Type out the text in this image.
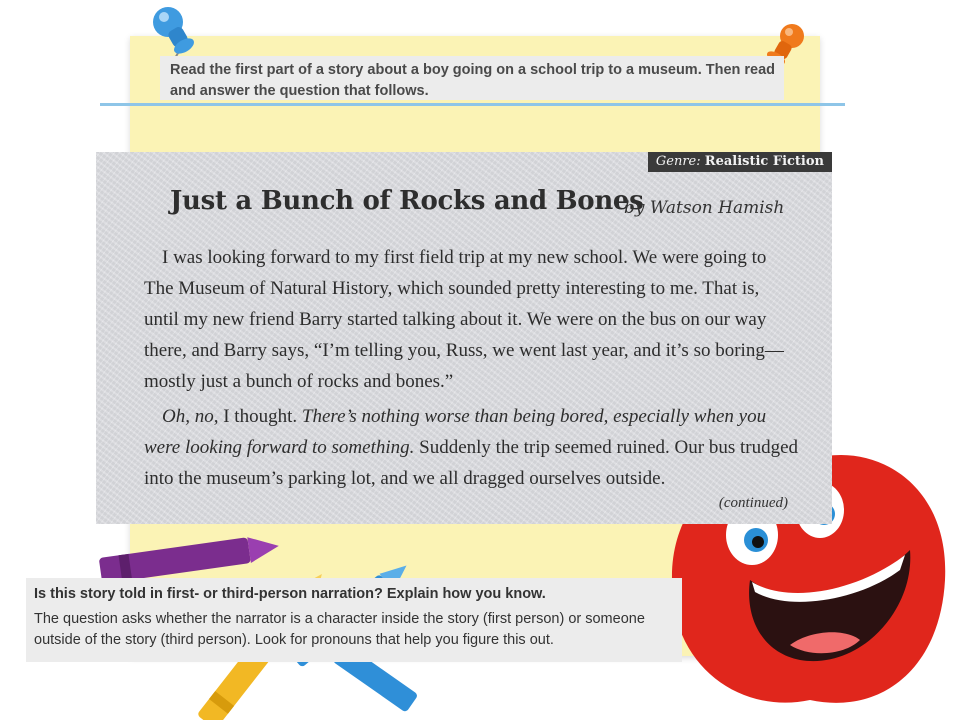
Read the first part of a story about a boy going on a school trip to a museum. Then read and answer the question that follows.
Genre: Realistic Fiction
Just a Bunch of Rocks and Bones
by Watson Hamish

I was looking forward to my first field trip at my new school. We were going to The Museum of Natural History, which sounded pretty interesting to me. That is, until my new friend Barry started talking about it. We were on the bus on our way there, and Barry says, “I’m telling you, Russ, we went last year, and it’s so boring—mostly just a bunch of rocks and bones.”

Oh, no, I thought. There’s nothing worse than being bored, especially when you were looking forward to something. Suddenly the trip seemed ruined. Our bus trudged into the museum’s parking lot, and we all dragged ourselves outside.

(continued)
Is this story told in first- or third-person narration? Explain how you know.
The question asks whether the narrator is a character inside the story (first person) or someone outside of the story (third person). Look for pronouns that help you figure this out.
